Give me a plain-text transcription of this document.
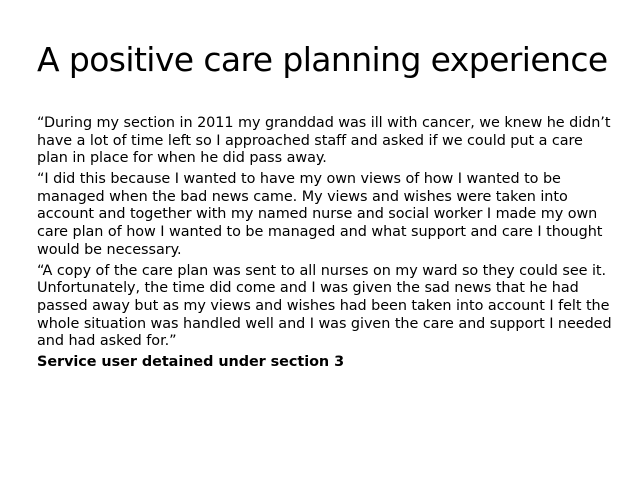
A positive care planning experience

“During my section in 2011 my granddad was ill with cancer, we knew he didn’t have a lot of time left so I approached staff and asked if we could put a care plan in place for when he did pass away.

“I did this because I wanted to have my own views of how I wanted to be managed when the bad news came. My views and wishes were taken into account and together with my named nurse and social worker I made my own care plan of how I wanted to be managed and what support and care I thought would be necessary.

“A copy of the care plan was sent to all nurses on my ward so they could see it. Unfortunately, the time did come and I was given the sad news that he had passed away but as my views and wishes had been taken into account I felt the whole situation was handled well and I was given the care and support I needed and had asked for.”

Service user detained under section 3
